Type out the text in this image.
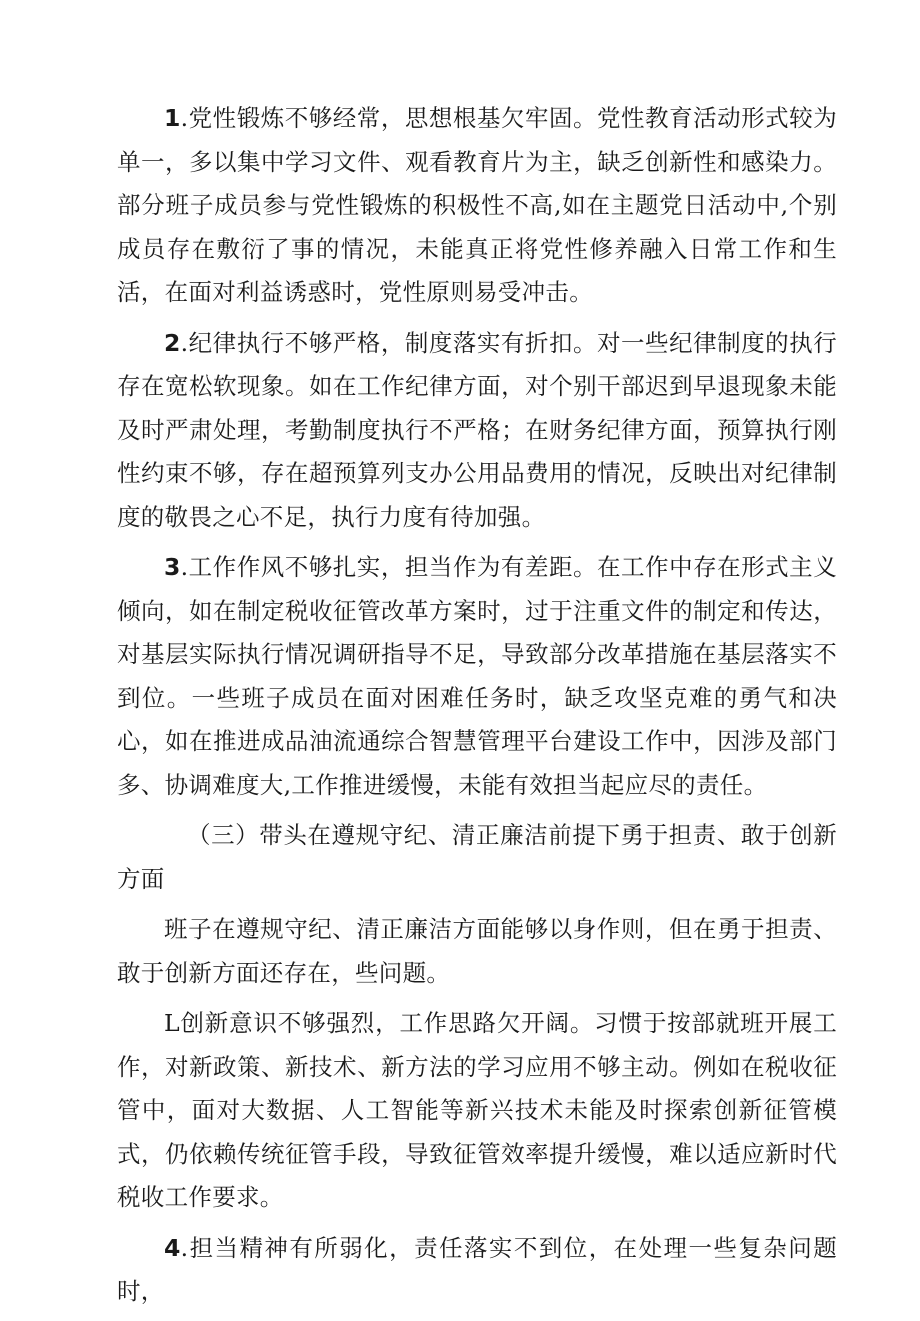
1.党性锻炼不够经常，思想根基欠牢固。党性教育活动形式较为单一，多以集中学习文件、观看教育片为主，缺乏创新性和感染力。部分班子成员参与党性锻炼的积极性不高,如在主题党日活动中,个别成员存在敷衍了事的情况，未能真正将党性修养融入日常工作和生活，在面对利益诱惑时，党性原则易受冲击。

2.纪律执行不够严格，制度落实有折扣。对一些纪律制度的执行存在宽松软现象。如在工作纪律方面，对个别干部迟到早退现象未能及时严肃处理，考勤制度执行不严格；在财务纪律方面，预算执行刚性约束不够，存在超预算列支办公用品费用的情况，反映出对纪律制度的敬畏之心不足，执行力度有待加强。

3.工作作风不够扎实，担当作为有差距。在工作中存在形式主义倾向，如在制定税收征管改革方案时，过于注重文件的制定和传达，对基层实际执行情况调研指导不足，导致部分改革措施在基层落实不到位。一些班子成员在面对困难任务时，缺乏攻坚克难的勇气和决心，如在推进成品油流通综合智慧管理平台建设工作中，因涉及部门多、协调难度大,工作推进缓慢，未能有效担当起应尽的责任。

（三）带头在遵规守纪、清正廉洁前提下勇于担责、敢于创新方面

班子在遵规守纪、清正廉洁方面能够以身作则，但在勇于担责、敢于创新方面还存在，些问题。

L创新意识不够强烈，工作思路欠开阔。习惯于按部就班开展工作，对新政策、新技术、新方法的学习应用不够主动。例如在税收征管中，面对大数据、人工智能等新兴技术未能及时探索创新征管模式，仍依赖传统征管手段，导致征管效率提升缓慢，难以适应新时代税收工作要求。

4.担当精神有所弱化，责任落实不到位，在处理一些复杂问题时，
